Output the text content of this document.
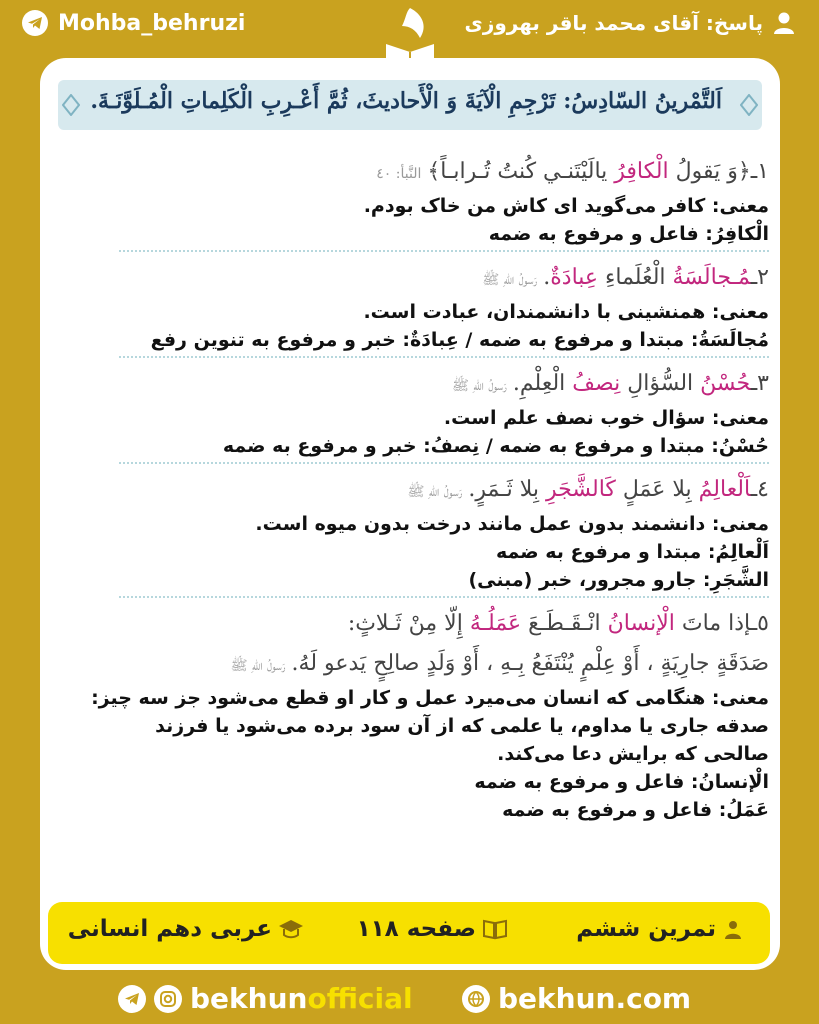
Mohba_behruzi	پاسخ: آقای محمد باقر بهروزی
اَلتَّمْرينُ السّادِسُ: تَرْجِمِ الْآيَةَ وَ الْأَحاديثَ، ثُمَّ أَعْـرِبِ الْكَلِماتِ الْمُـلَوَّنَـةَ.
١ـ﴿وَ يَقولُ الْكافِرُ يالَيْتَنـي كُنتُ تُـرابـاً﴾النَّبأ: ٤٠
معنی: کافر می‌گوید ای کاش من خاک بودم.
الْکافِرُ: فاعل و مرفوع به ضمه
٢ـمُـجالَسَةُ الْعُلَماءِ عِبادَةٌ.رَسولُ اللهِ ﷺ
معنی: همنشینی با دانشمندان، عبادت است.
مُجالَسَةُ: مبتدا و مرفوع به ضمه / عِبادَةٌ: خبر و مرفوع به تنوین رفع
٣ـحُسْنُ السُّؤالِ نِصفُ الْعِلْمِ.رَسولُ اللهِ ﷺ
معنی: سؤال خوب نصف علم است.
حُسْنُ: مبتدا و مرفوع به ضمه / نِصفُ: خبر و مرفوع به ضمه
٤ـاَلْعالِمُ بِلا عَمَلٍ كَالشَّجَرِ بِلا ثَـمَرٍ.رَسولُ اللهِ ﷺ
معنی: دانشمند بدون عمل مانند درخت بدون میوه است.
اَلْعالِمُ: مبتدا و مرفوع به ضمه
الشَّجَرِ: جارو مجرور، خبر (مبنی)
٥ـإذا ماتَ الْإنسانُ انْـقَـطَـعَ عَمَلُـهُ إِلّا مِنْ ثَـلاثٍ:
صَدَقَةٍ جارِيَةٍ ، أَوْ عِلْمٍ يُنْتَفَعُ بِـهِ ، أَوْ وَلَدٍ صالِحٍ يَدعو لَهُ.رَسولُ اللهِ ﷺ
معنی: هنگامی که انسان می‌میرد عمل و کار او قطع می‌شود جز سه چیز:
صدقه جاری یا مداوم، یا علمی که از آن سود برده می‌شود یا فرزند
صالحی که برایش دعا می‌کند.
الْإنسانُ: فاعل و مرفوع به ضمه
عَمَلُ: فاعل و مرفوع به ضمه
تمرین ششم
صفحه ۱۱۸
عربی دهم انسانی
bekhunofficial	bekhun.com
